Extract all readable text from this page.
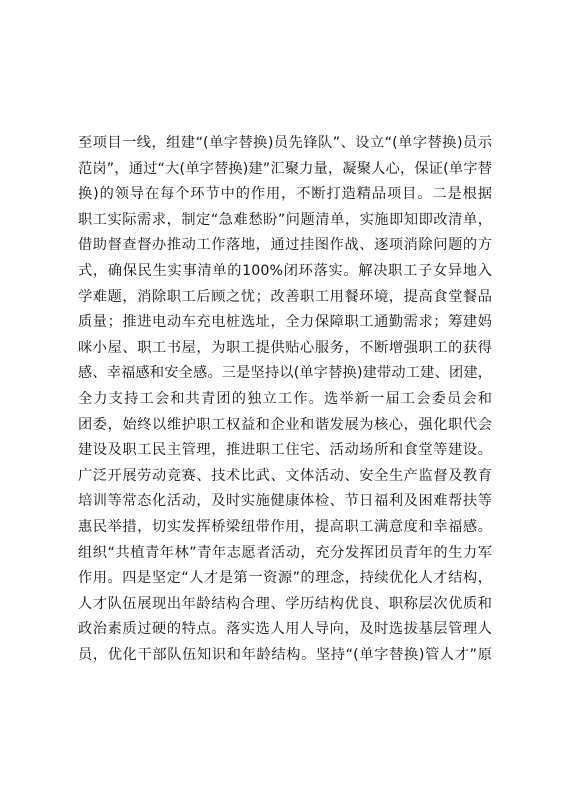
至项目一线，组建“(单字替换)员先锋队”、设立“(单字替换)员示
范岗”，通过“大(单字替换)建”汇聚力量，凝聚人心，保证(单字替
换)的领导在每个环节中的作用，不断打造精品项目。二是根据
职工实际需求，制定“急难愁盼”问题清单，实施即知即改清单，
借助督查督办推动工作落地，通过挂图作战、逐项消除问题的方
式，确保民生实事清单的100%闭环落实。解决职工子女异地入
学难题，消除职工后顾之忧；改善职工用餐环境，提高食堂餐品
质量；推进电动车充电桩选址，全力保障职工通勤需求；筹建妈
咪小屋、职工书屋，为职工提供贴心服务，不断增强职工的获得
感、幸福感和安全感。三是坚持以(单字替换)建带动工建、团建，
全力支持工会和共青团的独立工作。选举新一届工会委员会和
团委，始终以维护职工权益和企业和谐发展为核心，强化职代会
建设及职工民主管理，推进职工住宅、活动场所和食堂等建设。
广泛开展劳动竞赛、技术比武、文体活动、安全生产监督及教育
培训等常态化活动，及时实施健康体检、节日福利及困难帮扶等
惠民举措，切实发挥桥梁纽带作用，提高职工满意度和幸福感。
组织“共植青年林”青年志愿者活动，充分发挥团员青年的生力军
作用。四是坚定“人才是第一资源”的理念，持续优化人才结构，
人才队伍展现出年龄结构合理、学历结构优良、职称层次优质和
政治素质过硬的特点。落实选人用人导向，及时选拔基层管理人
员，优化干部队伍知识和年龄结构。坚持“(单字替换)管人才”原
